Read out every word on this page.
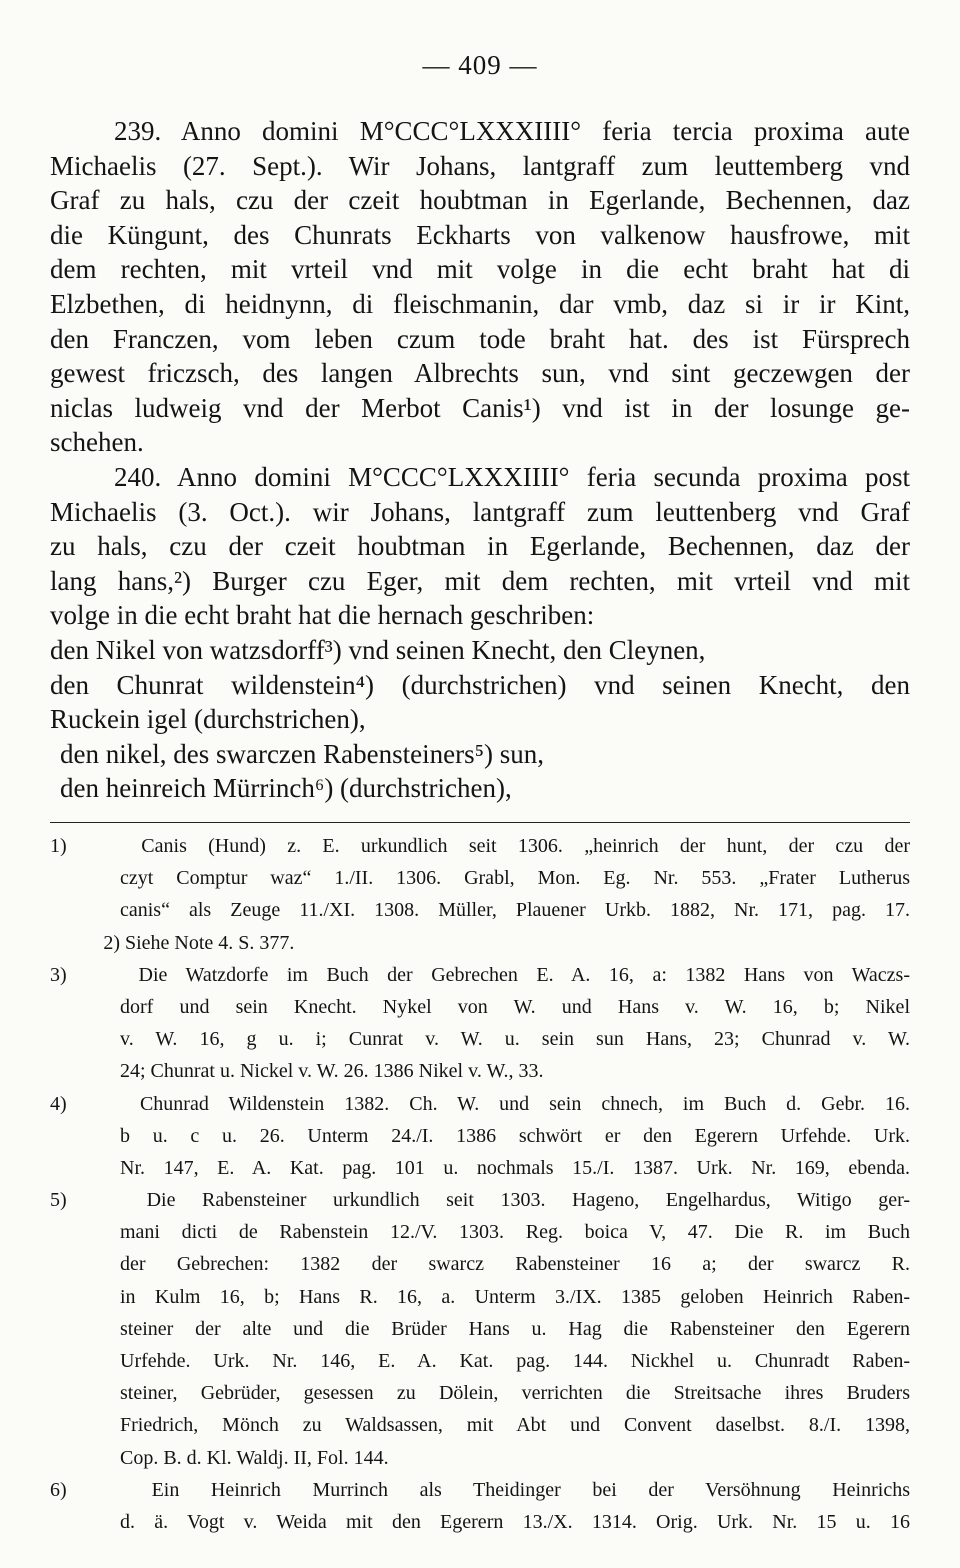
— 409 —
239. Anno domini M°CCC°LXXXIIII° feria tercia proxima aute
Michaelis (27. Sept.). Wir Johans, lantgraff zum leuttemberg vnd
Graf zu hals, czu der czeit houbtman in Egerlande, Bechennen, daz
die Küngunt, des Chunrats Eckharts von valkenow hausfrowe, mit
dem rechten, mit vrteil vnd mit volge in die echt braht hat di
Elzbethen, di heidnynn, di fleischmanin, dar vmb, daz si ir ir Kint,
den Franczen, vom leben czum tode braht hat. des ist Fürsprech
gewest friczsch, des langen Albrechts sun, vnd sint geczewgen der
niclas ludweig vnd der Merbot Canis¹) vnd ist in der losunge ge-
schehen.
240. Anno domini M°CCC°LXXXIIII° feria secunda proxima post
Michaelis (3. Oct.). wir Johans, lantgraff zum leuttenberg vnd Graf
zu hals, czu der czeit houbtman in Egerlande, Bechennen, daz der
lang hans,²) Burger czu Eger, mit dem rechten, mit vrteil vnd mit
volge in die echt braht hat die hernach geschriben:
den Nikel von watzsdorff³) vnd seinen Knecht, den Cleynen,
den Chunrat wildenstein⁴) (durchstrichen) vnd seinen Knecht, den
Ruckein igel (durchstrichen),
den nikel, des swarczen Rabensteiners⁵) sun,
den heinreich Mürrinch⁶) (durchstrichen),
1)	Canis (Hund) z. E. urkundlich seit 1306. „heinrich der hunt, der czu der
czyt Comptur waz“ 1./II. 1306. Grabl, Mon. Eg. Nr. 553. „Frater Lutherus
canis“ als Zeuge 11./XI. 1308. Müller, Plauener Urkb. 1882, Nr. 171, pag. 17.
2) Siehe Note 4. S. 377.
3)	Die Watzdorfe im Buch der Gebrechen E. A. 16, a: 1382 Hans von Waczs-
dorf und sein Knecht. Nykel von W. und Hans v. W. 16, b; Nikel
v. W. 16, g u. i; Cunrat v. W. u. sein sun Hans, 23; Chunrad v. W.
24; Chunrat u. Nickel v. W. 26. 1386 Nikel v. W., 33.
4)	Chunrad Wildenstein 1382. Ch. W. und sein chnech, im Buch d. Gebr. 16.
b u. c u. 26. Unterm 24./I. 1386 schwört er den Egerern Urfehde. Urk.
Nr. 147, E. A. Kat. pag. 101 u. nochmals 15./I. 1387. Urk. Nr. 169, ebenda.
5)	Die Rabensteiner urkundlich seit 1303. Hageno, Engelhardus, Witigo ger-
mani dicti de Rabenstein 12./V. 1303. Reg. boica V, 47. Die R. im Buch
der Gebrechen: 1382 der swarcz Rabensteiner 16 a; der swarcz R.
in Kulm 16, b; Hans R. 16, a. Unterm 3./IX. 1385 geloben Heinrich Raben-
steiner der alte und die Brüder Hans u. Hag die Rabensteiner den Egerern
Urfehde. Urk. Nr. 146, E. A. Kat. pag. 144. Nickhel u. Chunradt Raben-
steiner, Gebrüder, gesessen zu Dölein, verrichten die Streitsache ihres Bruders
Friedrich, Mönch zu Waldsassen, mit Abt und Convent daselbst. 8./I. 1398,
Cop. B. d. Kl. Waldj. II, Fol. 144.
6)	Ein Heinrich Murrinch als Theidinger bei der Versöhnung Heinrichs
d. ä. Vogt v. Weida mit den Egerern 13./X. 1314. Orig. Urk. Nr. 15 u. 16
